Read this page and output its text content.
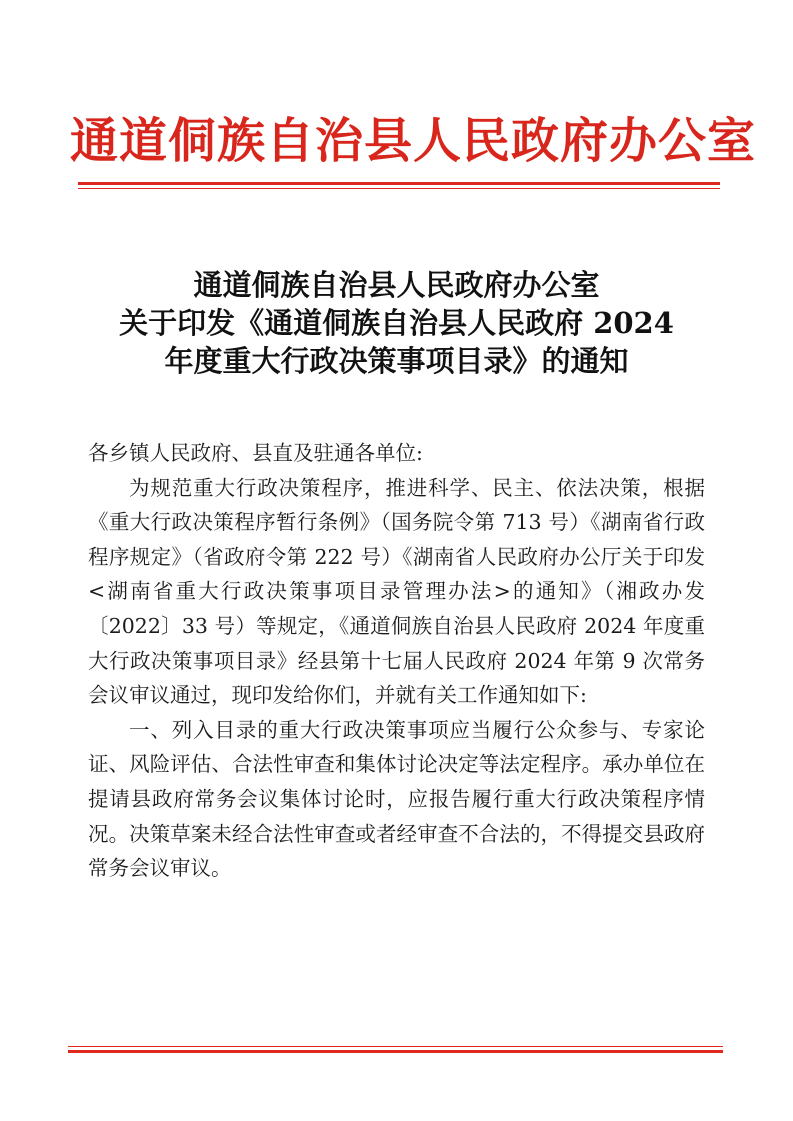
通道侗族自治县人民政府办公室
通道侗族自治县人民政府办公室
关于印发《通道侗族自治县人民政府 2024
年度重大行政决策事项目录》的通知

各乡镇人民政府、县直及驻通各单位:

为规范重大行政决策程序，推进科学、民主、依法决策，根据《重大行政决策程序暂行条例》（国务院令第 713 号）《湖南省行政程序规定》（省政府令第 222 号）《湖南省人民政府办公厅关于印发<湖南省重大行政决策事项目录管理办法>的通知》（湘政办发〔2022〕33 号）等规定，《通道侗族自治县人民政府 2024 年度重大行政决策事项目录》经县第十七届人民政府 2024 年第 9 次常务会议审议通过，现印发给你们，并就有关工作通知如下:

一、列入目录的重大行政决策事项应当履行公众参与、专家论证、风险评估、合法性审查和集体讨论决定等法定程序。承办单位在提请县政府常务会议集体讨论时，应报告履行重大行政决策程序情况。决策草案未经合法性审查或者经审查不合法的，不得提交县政府常务会议审议。
